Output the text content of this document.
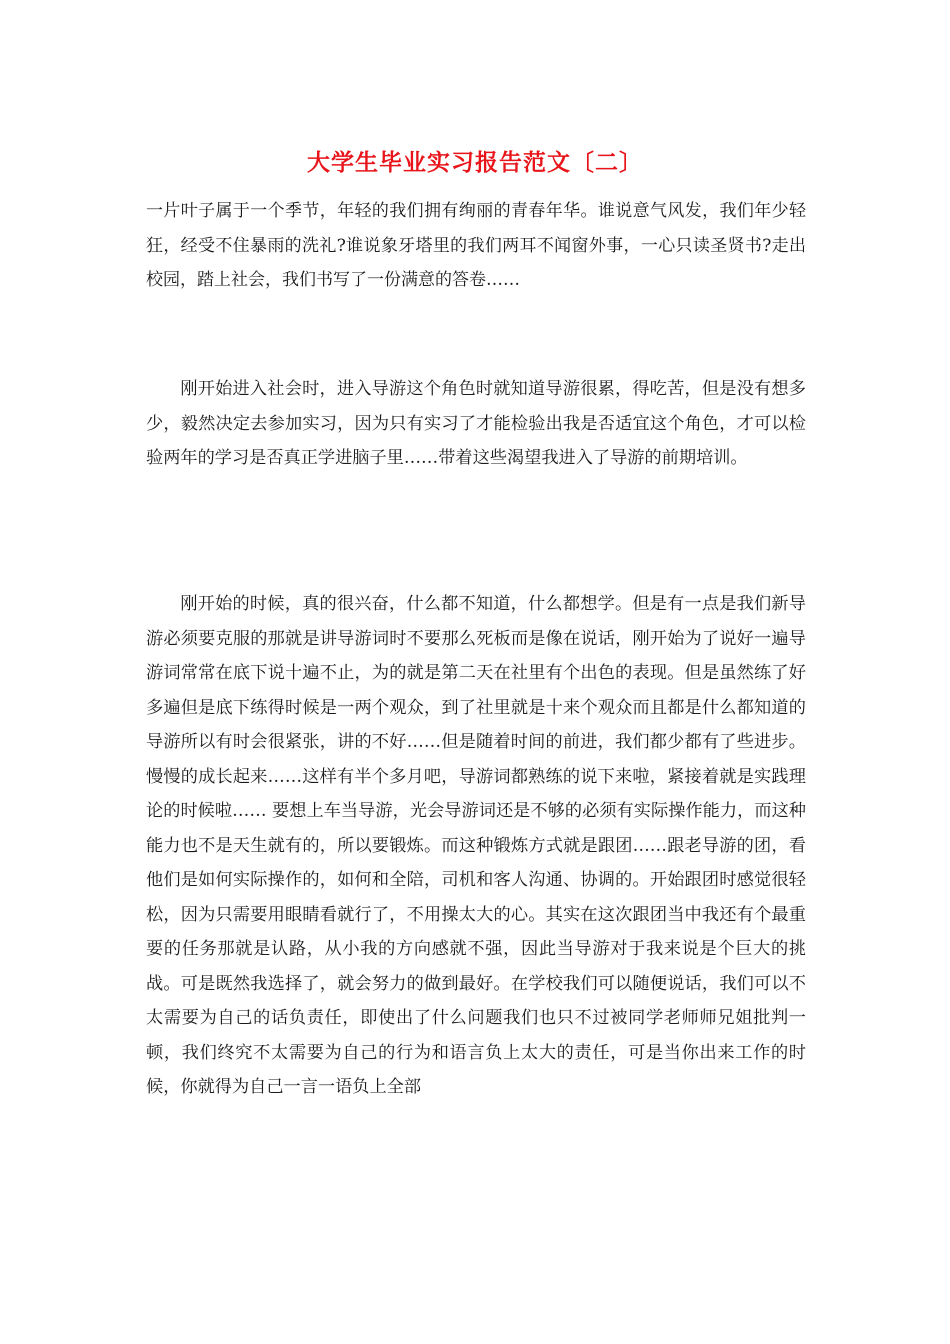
大学生毕业实习报告范文〔二〕

一片叶子属于一个季节，年轻的我们拥有绚丽的青春年华。谁说意气风发，我们年少轻狂，经受不住暴雨的洗礼?谁说象牙塔里的我们两耳不闻窗外事，一心只读圣贤书?走出校园，踏上社会，我们书写了一份满意的答卷……

刚开始进入社会时，进入导游这个角色时就知道导游很累，得吃苦，但是没有想多少，毅然决定去参加实习，因为只有实习了才能检验出我是否适宜这个角色，才可以检验两年的学习是否真正学进脑子里……带着这些渴望我进入了导游的前期培训。

刚开始的时候，真的很兴奋，什么都不知道，什么都想学。但是有一点是我们新导游必须要克服的那就是讲导游词时不要那么死板而是像在说话，刚开始为了说好一遍导游词常常在底下说十遍不止，为的就是第二天在社里有个出色的表现。但是虽然练了好多遍但是底下练得时候是一两个观众，到了社里就是十来个观众而且都是什么都知道的导游所以有时会很紧张，讲的不好……但是随着时间的前进，我们都少都有了些进步。慢慢的成长起来……这样有半个多月吧，导游词都熟练的说下来啦，紧接着就是实践理论的时候啦…… 要想上车当导游，光会导游词还是不够的必须有实际操作能力，而这种能力也不是天生就有的，所以要锻炼。而这种锻炼方式就是跟团……跟老导游的团，看他们是如何实际操作的，如何和全陪，司机和客人沟通、协调的。开始跟团时感觉很轻松，因为只需要用眼睛看就行了，不用操太大的心。其实在这次跟团当中我还有个最重要的任务那就是认路，从小我的方向感就不强，因此当导游对于我来说是个巨大的挑战。可是既然我选择了，就会努力的做到最好。在学校我们可以随便说话，我们可以不太需要为自己的话负责任，即使出了什么问题我们也只不过被同学老师师兄姐批判一顿，我们终究不太需要为自己的行为和语言负上太大的责任，可是当你出来工作的时候，你就得为自己一言一语负上全部
